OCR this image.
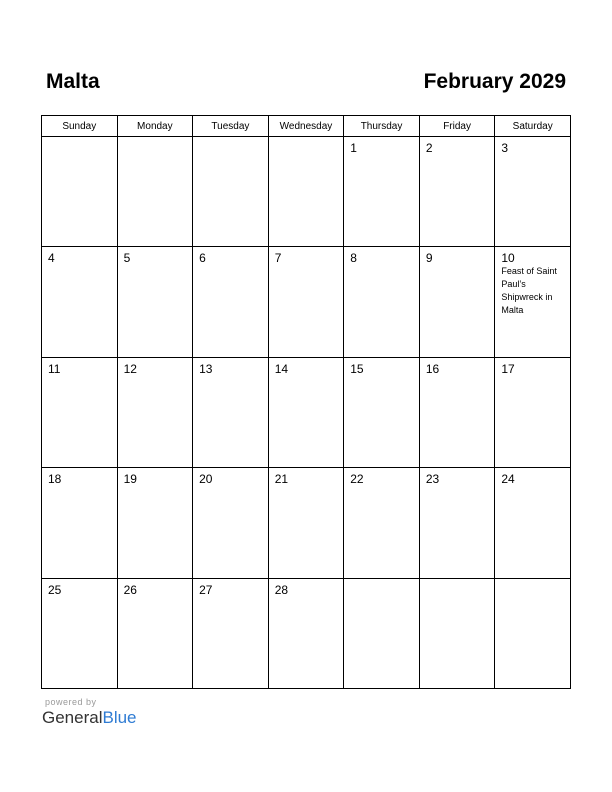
Malta	February 2029
Sunday	Monday	Tuesday	Wednesday	Thursday	Friday	Saturday

				1	2	3

4	5	6	7	8	9	10
Feast of Saint Paul’s Shipwreck in Malta

11	12	13	14	15	16	17

18	19	20	21	22	23	24

25	26	27	28			

powered by
GeneralBlue
